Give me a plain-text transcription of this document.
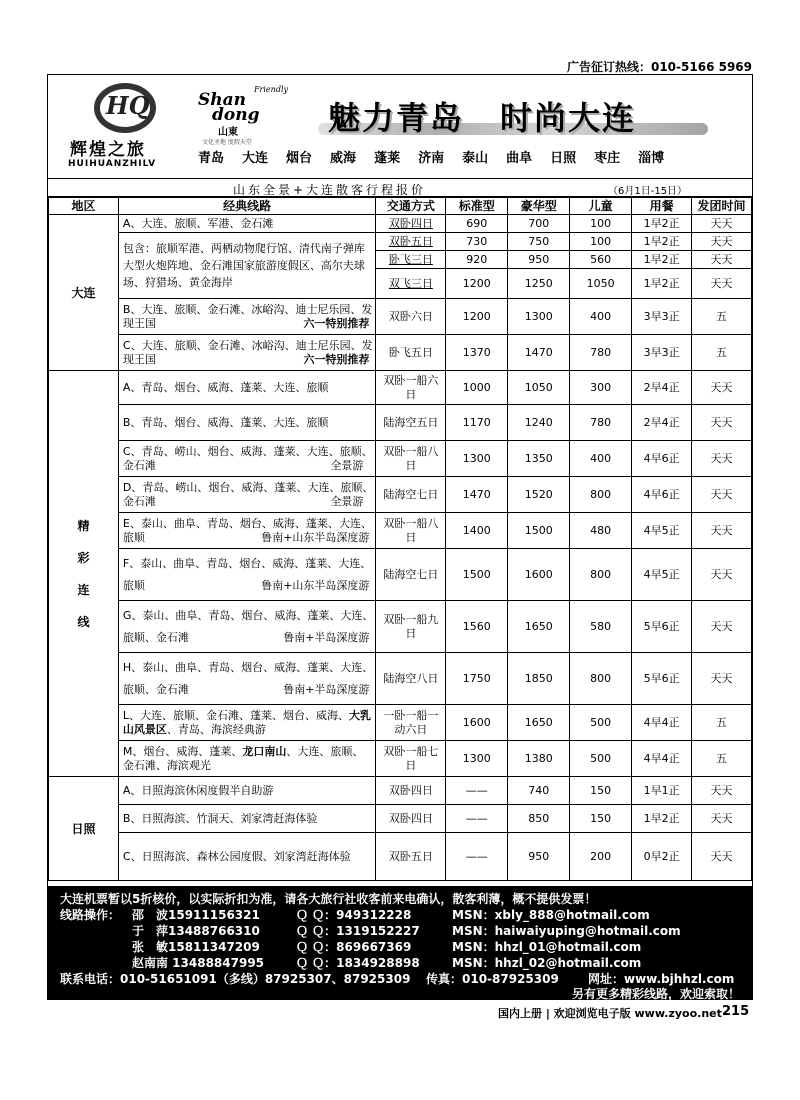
广告征订热线：010-5166 5969
HQ
辉煌之旅
HUIHUANZHILV
Friendly
Shan
dong
山東
文化圣地 度假天堂
魅力青岛 时尚大连
青岛 大连 烟台 威海 蓬莱 济南 泰山 曲阜 日照 枣庄 淄博
山东全景+大连散客行程报价	（6月1日-15日）
地区	经典线路	交通方式	标准型	豪华型	儿童	用餐	发团时间
大连	A、大连、旅顺、军港、金石滩	双卧四日	690	700	100	1早2正	天天
	包含：旅顺军港、两栖动物爬行馆、清代南子弹库大型火炮阵地、金石滩国家旅游度假区、高尔夫球场、狩猎场、黄金海岸	双卧五日	730	750	100	1早2正	天天
		卧飞三日	920	950	560	1早2正	天天
		双飞三日	1200	1250	1050	1早2正	天天
	B、大连、旅顺、金石滩、冰峪沟、迪士尼乐园、发现王国 六一特别推荐	双卧六日	1200	1300	400	3早3正	五
	C、大连、旅顺、金石滩、冰峪沟、迪士尼乐园、发现王国 六一特别推荐	卧飞五日	1370	1470	780	3早3正	五
精
彩
连
线	A、青岛、烟台、威海、蓬莱、大连、旅顺	双卧一船六日	1000	1050	300	2早4正	天天
	B、青岛、烟台、威海、蓬莱、大连、旅顺	陆海空五日	1170	1240	780	2早4正	天天
	C、青岛、崂山、烟台、威海、蓬莱、大连、旅顺、金石滩 全景游	双卧一船八日	1300	1350	400	4早6正	天天
	D、青岛、崂山、烟台、威海、蓬莱、大连、旅顺、金石滩 全景游	陆海空七日	1470	1520	800	4早6正	天天
	E、泰山、曲阜、青岛、烟台、威海、蓬莱、大连、旅顺 鲁南+山东半岛深度游	双卧一船八日	1400	1500	480	4早5正	天天
	F、泰山、曲阜、青岛、烟台、威海、蓬莱、大连、旅顺 鲁南+山东半岛深度游	陆海空七日	1500	1600	800	4早5正	天天
	G、泰山、曲阜、青岛、烟台、威海、蓬莱、大连、旅顺、金石滩 鲁南+半岛深度游	双卧一船九日	1560	1650	580	5早6正	天天
	H、泰山、曲阜、青岛、烟台、威海、蓬莱、大连、旅顺、金石滩 鲁南+半岛深度游	陆海空八日	1750	1850	800	5早6正	天天
	L、大连、旅顺、金石滩、蓬莱、烟台、威海、大乳山风景区、青岛、海滨经典游	一卧一船一动六日	1600	1650	500	4早4正	五
	M、烟台、威海、蓬莱、龙口南山、大连、旅顺、金石滩、海滨观光	双卧一船七日	1300	1380	500	4早4正	五
日照	A、日照海滨休闲度假半自助游	双卧四日	——	740	150	1早1正	天天
	B、日照海滨、竹洞天、刘家湾赶海体验	双卧四日	——	850	150	1早2正	天天
	C、日照海滨、森林公园度假、刘家湾赶海体验	双卧五日	——	950	200	0早2正	天天
大连机票暂以5折核价，以实际折扣为准，请各大旅行社收客前来电确认，散客利薄，概不提供发票！
线路操作： 邵　波15911156321	Ｑ Ｑ：949312228	MSN：xbly_888@hotmail.com
于　萍13488766310	Ｑ Ｑ：1319152227	MSN：haiwaiyuping@hotmail.com
张　敏15811347209	Ｑ Ｑ：869667369	MSN：hhzl_01@hotmail.com
赵南南 13488847995	Ｑ Ｑ：1834928898	MSN：hhzl_02@hotmail.com
联系电话：010-51651091（多线）87925307、87925309 传真：010-87925309 网址：www.bjhhzl.com
另有更多精彩线路，欢迎索取！
国内上册 | 欢迎浏览电子版 www.zyoo.net 215
